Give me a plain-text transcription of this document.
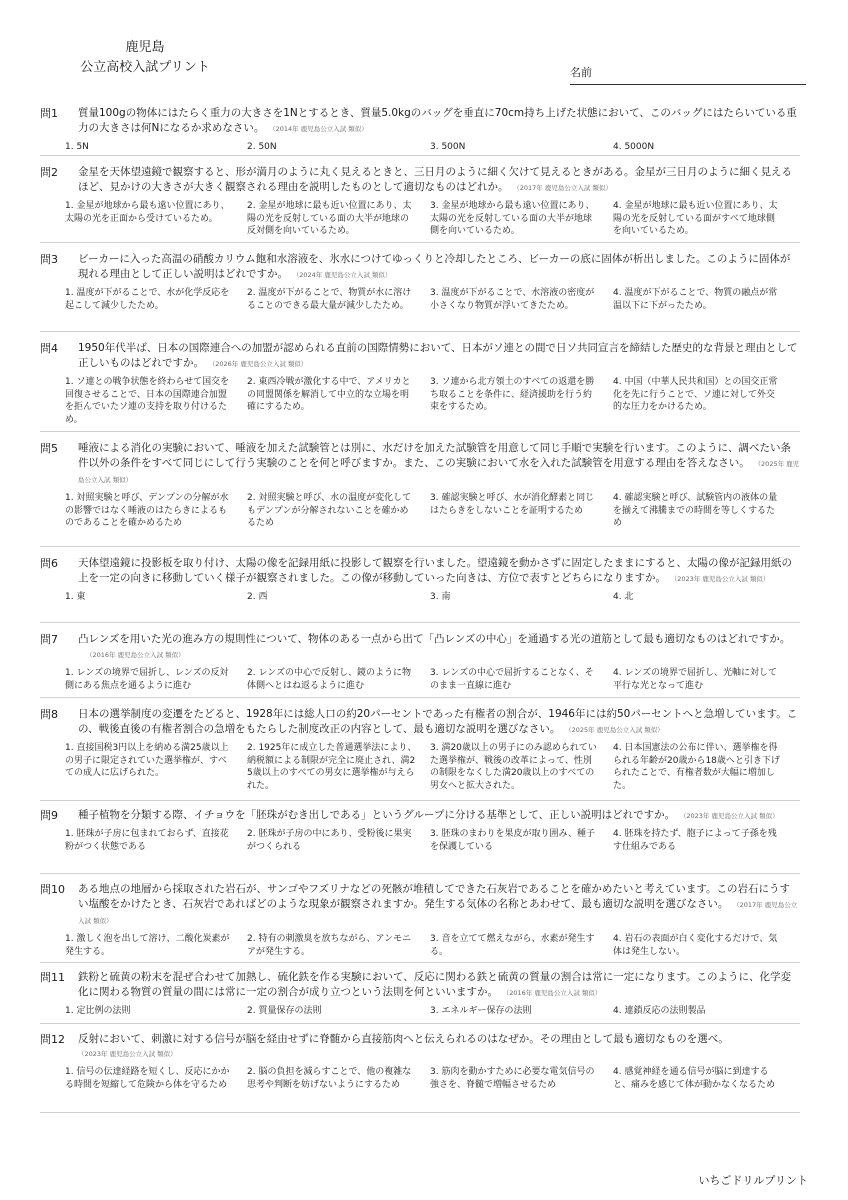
鹿児島
公立高校入試プリント	名前
問1 質量100gの物体にはたらく重力の大きさを1Nとするとき、質量5.0kgのバッグを垂直に70cm持ち上げた状態において、このバッグにはたらいている重力の大きさは何Nになるか求めなさい。 （2014年 鹿児島公立入試 類似）
1. 5N	2. 50N	3. 500N	4. 5000N
問2 金星を天体望遠鏡で観察すると、形が満月のように丸く見えるときと、三日月のように細く欠けて見えるときがある。金星が三日月のように細く見えるほど、見かけの大きさが大きく観察される理由を説明したものとして適切なものはどれか。 （2017年 鹿児島公立入試 類似）
1. 金星が地球から最も遠い位置にあり、太陽の光を正面から受けているため。
2. 金星が地球に最も近い位置にあり、太陽の光を反射している面の大半が地球の反対側を向いているため。
3. 金星が地球から最も遠い位置にあり、太陽の光を反射している面の大半が地球側を向いているため。
4. 金星が地球に最も近い位置にあり、太陽の光を反射している面がすべて地球側を向いているため。
問3 ビーカーに入った高温の硝酸カリウム飽和水溶液を、氷水につけてゆっくりと冷却したところ、ビーカーの底に固体が析出しました。このように固体が現れる理由として正しい説明はどれですか。 （2024年 鹿児島公立入試 類似）
1. 温度が下がることで、水が化学反応を起こして減少したため。
2. 温度が下がることで、物質が水に溶けることのできる最大量が減少したため。
3. 温度が下がることで、水溶液の密度が小さくなり物質が浮いてきたため。
4. 温度が下がることで、物質の融点が常温以下に下がったため。
問4 1950年代半ば、日本の国際連合への加盟が認められる直前の国際情勢において、日本がソ連との間で日ソ共同宣言を締結した歴史的な背景と理由として正しいものはどれですか。 （2026年 鹿児島公立入試 類似）
1. ソ連との戦争状態を終わらせて国交を回復させることで、日本の国際連合加盟を拒んでいたソ連の支持を取り付けるため。
2. 東西冷戦が激化する中で、アメリカとの同盟関係を解消して中立的な立場を明確にするため。
3. ソ連から北方領土のすべての返還を勝ち取ることを条件に、経済援助を行う約束をするため。
4. 中国（中華人民共和国）との国交正常化を先に行うことで、ソ連に対して外交的な圧力をかけるため。
問5 唾液による消化の実験において、唾液を加えた試験管とは別に、水だけを加えた試験管を用意して同じ手順で実験を行います。このように、調べたい条件以外の条件をすべて同じにして行う実験のことを何と呼びますか。また、この実験において水を入れた試験管を用意する理由を答えなさい。 （2025年 鹿児島公立入試 類似）
1. 対照実験と呼び、デンプンの分解が水の影響ではなく唾液のはたらきによるものであることを確かめるため
2. 対照実験と呼び、水の温度が変化してもデンプンが分解されないことを確かめるため
3. 確認実験と呼び、水が消化酵素と同じはたらきをしないことを証明するため
4. 確認実験と呼び、試験管内の液体の量を揃えて沸騰までの時間を等しくするため
問6 天体望遠鏡に投影板を取り付け、太陽の像を記録用紙に投影して観察を行いました。望遠鏡を動かさずに固定したままにすると、太陽の像が記録用紙の上を一定の向きに移動していく様子が観察されました。この像が移動していった向きは、方位で表すとどちらになりますか。 （2023年 鹿児島公立入試 類似）
1. 東	2. 西	3. 南	4. 北
問7 凸レンズを用いた光の進み方の規則性について、物体のある一点から出て「凸レンズの中心」を通過する光の道筋として最も適切なものはどれですか。（2016年 鹿児島公立入試 類似）
1. レンズの境界で屈折し、レンズの反対側にある焦点を通るように進む
2. レンズの中心で反射し、鏡のように物体側へとはね返るように進む
3. レンズの中心で屈折することなく、そのまま一直線に進む
4. レンズの境界で屈折し、光軸に対して平行な光となって進む
問8 日本の選挙制度の変遷をたどると、1928年には総人口の約20パーセントであった有権者の割合が、1946年には約50パーセントへと急増しています。この、戦後直後の有権者割合の急増をもたらした制度改正の内容として、最も適切な説明を選びなさい。 （2025年 鹿児島公立入試 類似）
1. 直接国税3円以上を納める満25歳以上の男子に限定されていた選挙権が、すべての成人に広げられた。
2. 1925年に成立した普通選挙法により、納税額による制限が完全に廃止され、満25歳以上のすべての男女に選挙権が与えられた。
3. 満20歳以上の男子にのみ認められていた選挙権が、戦後の改革によって、性別の制限をなくした満20歳以上のすべての男女へと拡大された。
4. 日本国憲法の公布に伴い、選挙権を得られる年齢が20歳から18歳へと引き下げられたことで、有権者数が大幅に増加した。
問9 種子植物を分類する際、イチョウを「胚珠がむき出しである」というグループに分ける基準として、正しい説明はどれですか。 （2023年 鹿児島公立入試 類似）
1. 胚珠が子房に包まれておらず、直接花粉がつく状態である
2. 胚珠が子房の中にあり、受粉後に果実がつくられる
3. 胚珠のまわりを果皮が取り囲み、種子を保護している
4. 胚珠を持たず、胞子によって子孫を残す仕組みである
問10 ある地点の地層から採取された岩石が、サンゴやフズリナなどの死骸が堆積してできた石灰岩であることを確かめたいと考えています。この岩石にうすい塩酸をかけたとき、石灰岩であればどのような現象が観察されますか。発生する気体の名称とあわせて、最も適切な説明を選びなさい。 （2017年 鹿児島公立入試 類似）
1. 激しく泡を出して溶け、二酸化炭素が発生する。
2. 特有の刺激臭を放ちながら、アンモニアが発生する。
3. 音を立てて燃えながら、水素が発生する。
4. 岩石の表面が白く変化するだけで、気体は発生しない。
問11 鉄粉と硫黄の粉末を混ぜ合わせて加熱し、硫化鉄を作る実験において、反応に関わる鉄と硫黄の質量の割合は常に一定になります。このように、化学変化に関わる物質の質量の間には常に一定の割合が成り立つという法則を何といいますか。 （2016年 鹿児島公立入試 類似）
1. 定比例の法則	2. 質量保存の法則	3. エネルギー保存の法則	4. 連鎖反応の法則製品
問12 反射において、刺激に対する信号が脳を経由せずに脊髄から直接筋肉へと伝えられるのはなぜか。その理由として最も適切なものを選べ。
（2023年 鹿児島公立入試 類似）
1. 信号の伝達経路を短くし、反応にかかる時間を短縮して危険から体を守るため
2. 脳の負担を減らすことで、他の複雑な思考や判断を妨げないようにするため
3. 筋肉を動かすために必要な電気信号の強さを、脊髄で増幅させるため
4. 感覚神経を通る信号が脳に到達すると、痛みを感じて体が動かなくなるため
いちごドリルプリント
